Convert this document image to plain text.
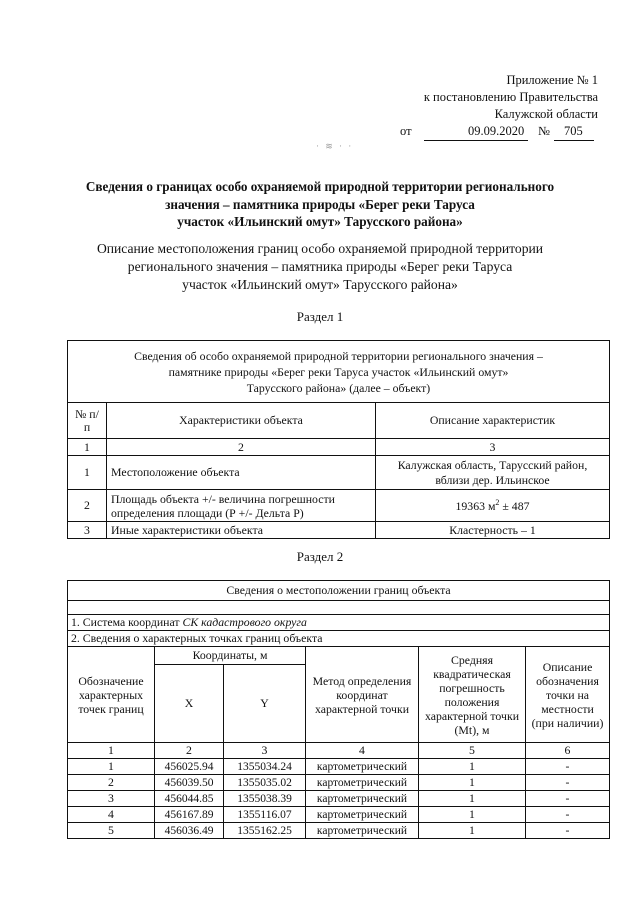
Приложение № 1
к постановлению Правительства
Калужской области
от	09.09.2020 № 705
· ≋ · ·
Сведения о границах особо охраняемой природной территории регионального
значения – памятника природы «Берег реки Таруса
участок «Ильинский омут» Тарусского района»
Описание местоположения границ особо охраняемой природной территории
регионального значения – памятника природы «Берег реки Таруса
участок «Ильинский омут» Тарусского района»
Раздел 1
Сведения об особо охраняемой природной территории регионального значения –
памятнике природы «Берег реки Таруса участок «Ильинский омут»
Тарусского района» (далее – объект)		

№ п/п	Характеристики объекта	Описание характеристик
1	2	3
1	Местоположение объекта	Калужская область, Тарусский район, вблизи дер. Ильинское
2	Площадь объекта +/- величина погрешности определения площади (Р +/- Дельта Р)	19363 $м^2 \pm 487$
3	Иные характеристики объекта	Кластерность – 1
Раздел 2
Сведения о местоположении границ объекта					

1. Система координат СК кадастрового округа					
2. Сведения о характерных точках границ объекта					
Обозначение характерных точек границ	Координаты, м		Метод определения координат характерной точки	Средняя квадратическая погрешность положения характерной точки (Mt), м	Описание обозначения точки на местности (при наличии)
	X	Y			
1	2	3	4	5	6
1	456025.94	1355034.24	картометрический	1	-
2	456039.50	1355035.02	картометрический	1	-
3	456044.85	1355038.39	картометрический	1	-
4	456167.89	1355116.07	картометрический	1	-
5	456036.49	1355162.25	картометрический	1	-
